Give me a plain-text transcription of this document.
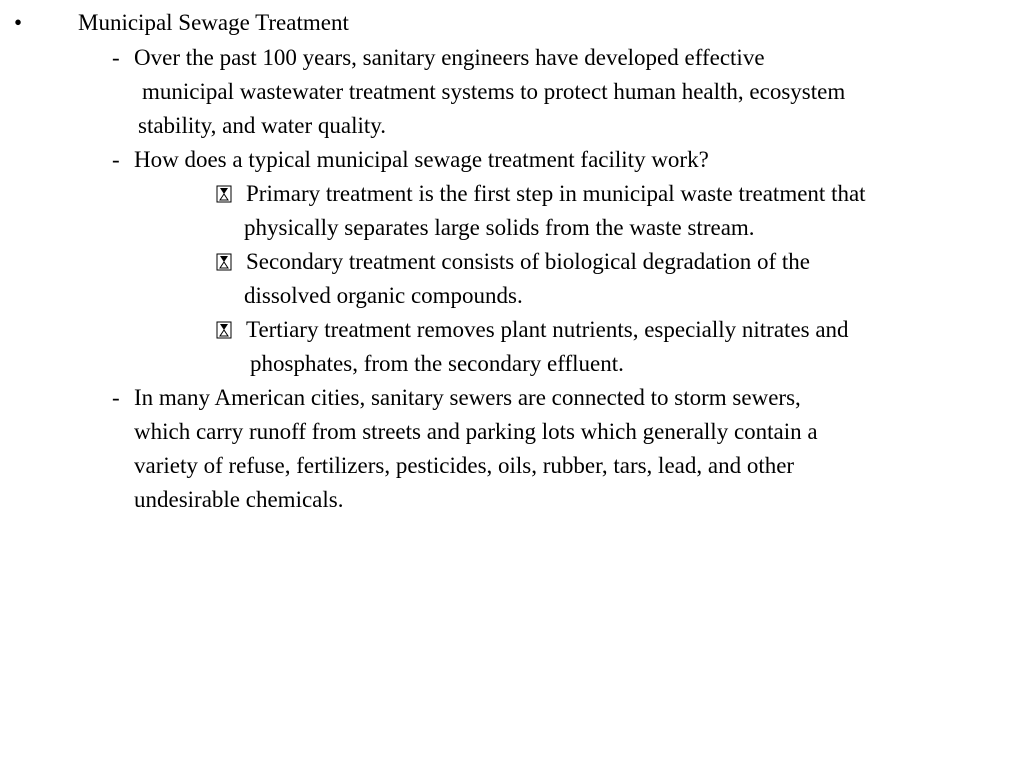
•	Municipal Sewage Treatment
- Over the past 100 years, sanitary engineers have developed effective
municipal wastewater treatment systems to protect human health, ecosystem
stability, and water quality.
- How does a typical municipal sewage treatment facility work?
Primary treatment is the first step in municipal waste treatment that
physically separates large solids from the waste stream.
Secondary treatment consists of biological degradation of the
dissolved organic compounds.
Tertiary treatment removes plant nutrients, especially nitrates and
phosphates, from the secondary effluent.
- In many American cities, sanitary sewers are connected to storm sewers,
which carry runoff from streets and parking lots which generally contain a
variety of refuse, fertilizers, pesticides, oils, rubber, tars, lead, and other
undesirable chemicals.
